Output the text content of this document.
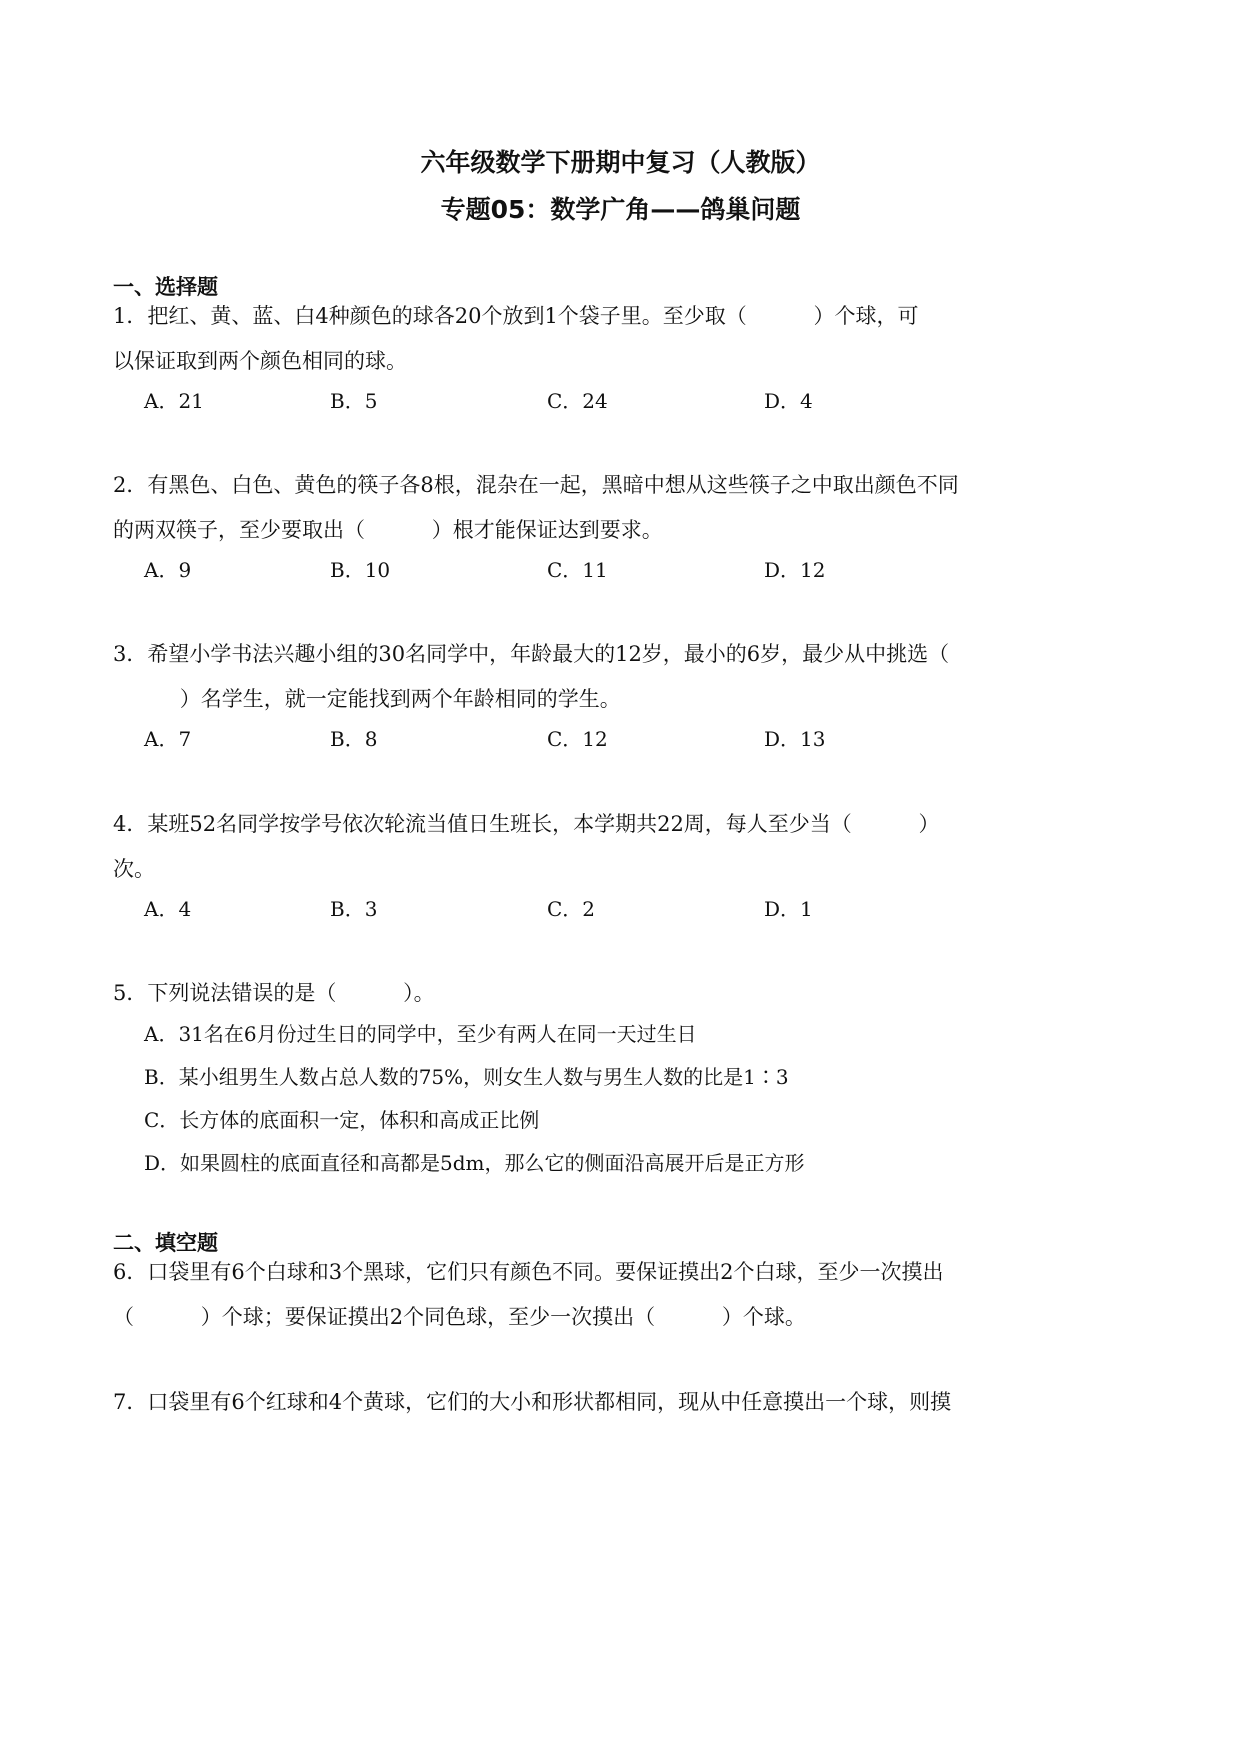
六年级数学下册期中复习（人教版）
专题05：数学广角——鸽巢问题
一、选择题
1．把红、黄、蓝、白4种颜色的球各20个放到1个袋子里。至少取（          ）个球，可
以保证取到两个颜色相同的球。
A．21	B．5	C．24	D．4
2．有黑色、白色、黄色的筷子各8根，混杂在一起，黑暗中想从这些筷子之中取出颜色不同
的两双筷子，至少要取出（          ）根才能保证达到要求。
A．9	B．10	C．11	D．12
3．希望小学书法兴趣小组的30名同学中，年龄最大的12岁，最小的6岁，最少从中挑选（
）名学生，就一定能找到两个年龄相同的学生。
A．7	B．8	C．12	D．13
4．某班52名同学按学号依次轮流当值日生班长，本学期共22周，每人至少当（          ）
次。
A．4	B．3	C．2	D．1
5．下列说法错误的是（          ）。
A．31名在6月份过生日的同学中，至少有两人在同一天过生日
B．某小组男生人数占总人数的75%，则女生人数与男生人数的比是1∶3
C．长方体的底面积一定，体积和高成正比例
D．如果圆柱的底面直径和高都是5dm，那么它的侧面沿高展开后是正方形
二、填空题
6．口袋里有6个白球和3个黑球，它们只有颜色不同。要保证摸出2个白球，至少一次摸出
（          ）个球；要保证摸出2个同色球，至少一次摸出（          ）个球。
7．口袋里有6个红球和4个黄球，它们的大小和形状都相同，现从中任意摸出一个球，则摸
